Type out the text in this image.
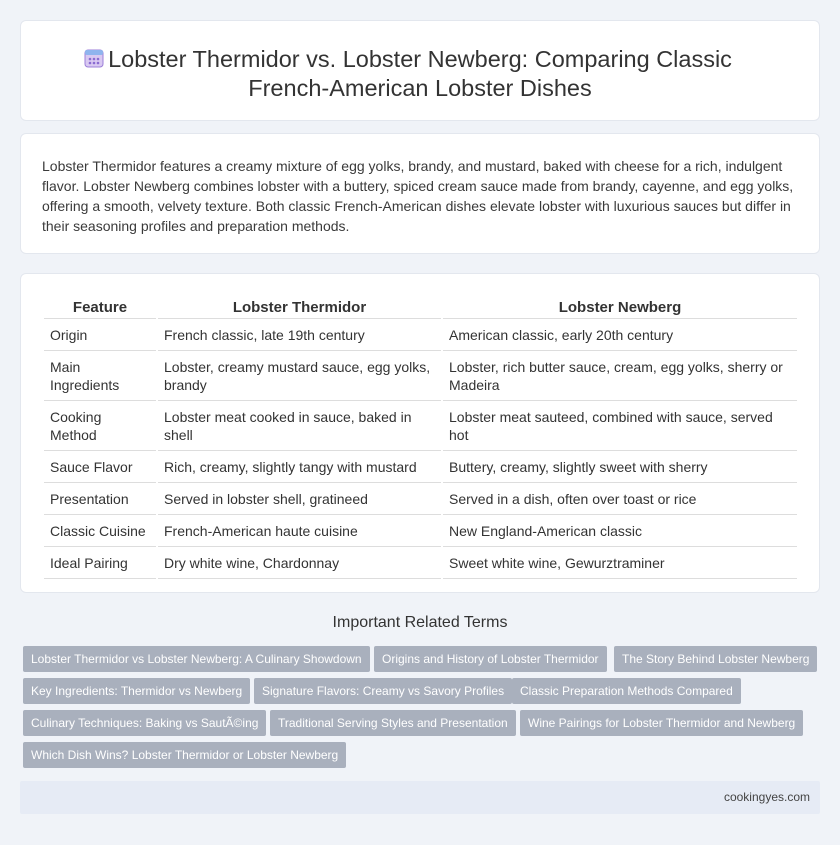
Lobster Thermidor vs. Lobster Newberg: Comparing Classic
French-American Lobster Dishes

Lobster Thermidor features a creamy mixture of egg yolks, brandy, and mustard, baked with cheese for a rich, indulgent flavor. Lobster Newberg combines lobster with a buttery, spiced cream sauce made from brandy, cayenne, and egg yolks, offering a smooth, velvety texture. Both classic French-American dishes elevate lobster with luxurious sauces but differ in their seasoning profiles and preparation methods.

Feature	Lobster Thermidor	Lobster Newberg
Origin	French classic, late 19th century	American classic, early 20th century
Main Ingredients	Lobster, creamy mustard sauce, egg yolks, brandy	Lobster, rich butter sauce, cream, egg yolks, sherry or Madeira
Cooking Method	Lobster meat cooked in sauce, baked in shell	Lobster meat sauteed, combined with sauce, served hot
Sauce Flavor	Rich, creamy, slightly tangy with mustard	Buttery, creamy, slightly sweet with sherry
Presentation	Served in lobster shell, gratineed	Served in a dish, often over toast or rice
Classic Cuisine	French-American haute cuisine	New England-American classic
Ideal Pairing	Dry white wine, Chardonnay	Sweet white wine, Gewurztraminer
Important Related Terms
Lobster Thermidor vs Lobster Newberg: A Culinary Showdown	Origins and History of Lobster Thermidor	The Story Behind Lobster Newberg
Key Ingredients: Thermidor vs Newberg	Signature Flavors: Creamy vs Savory Profiles	Classic Preparation Methods Compared
Culinary Techniques: Baking vs SautÃ©ing	Traditional Serving Styles and Presentation	Wine Pairings for Lobster Thermidor and Newberg
Which Dish Wins? Lobster Thermidor or Lobster Newberg
cookingyes.com
